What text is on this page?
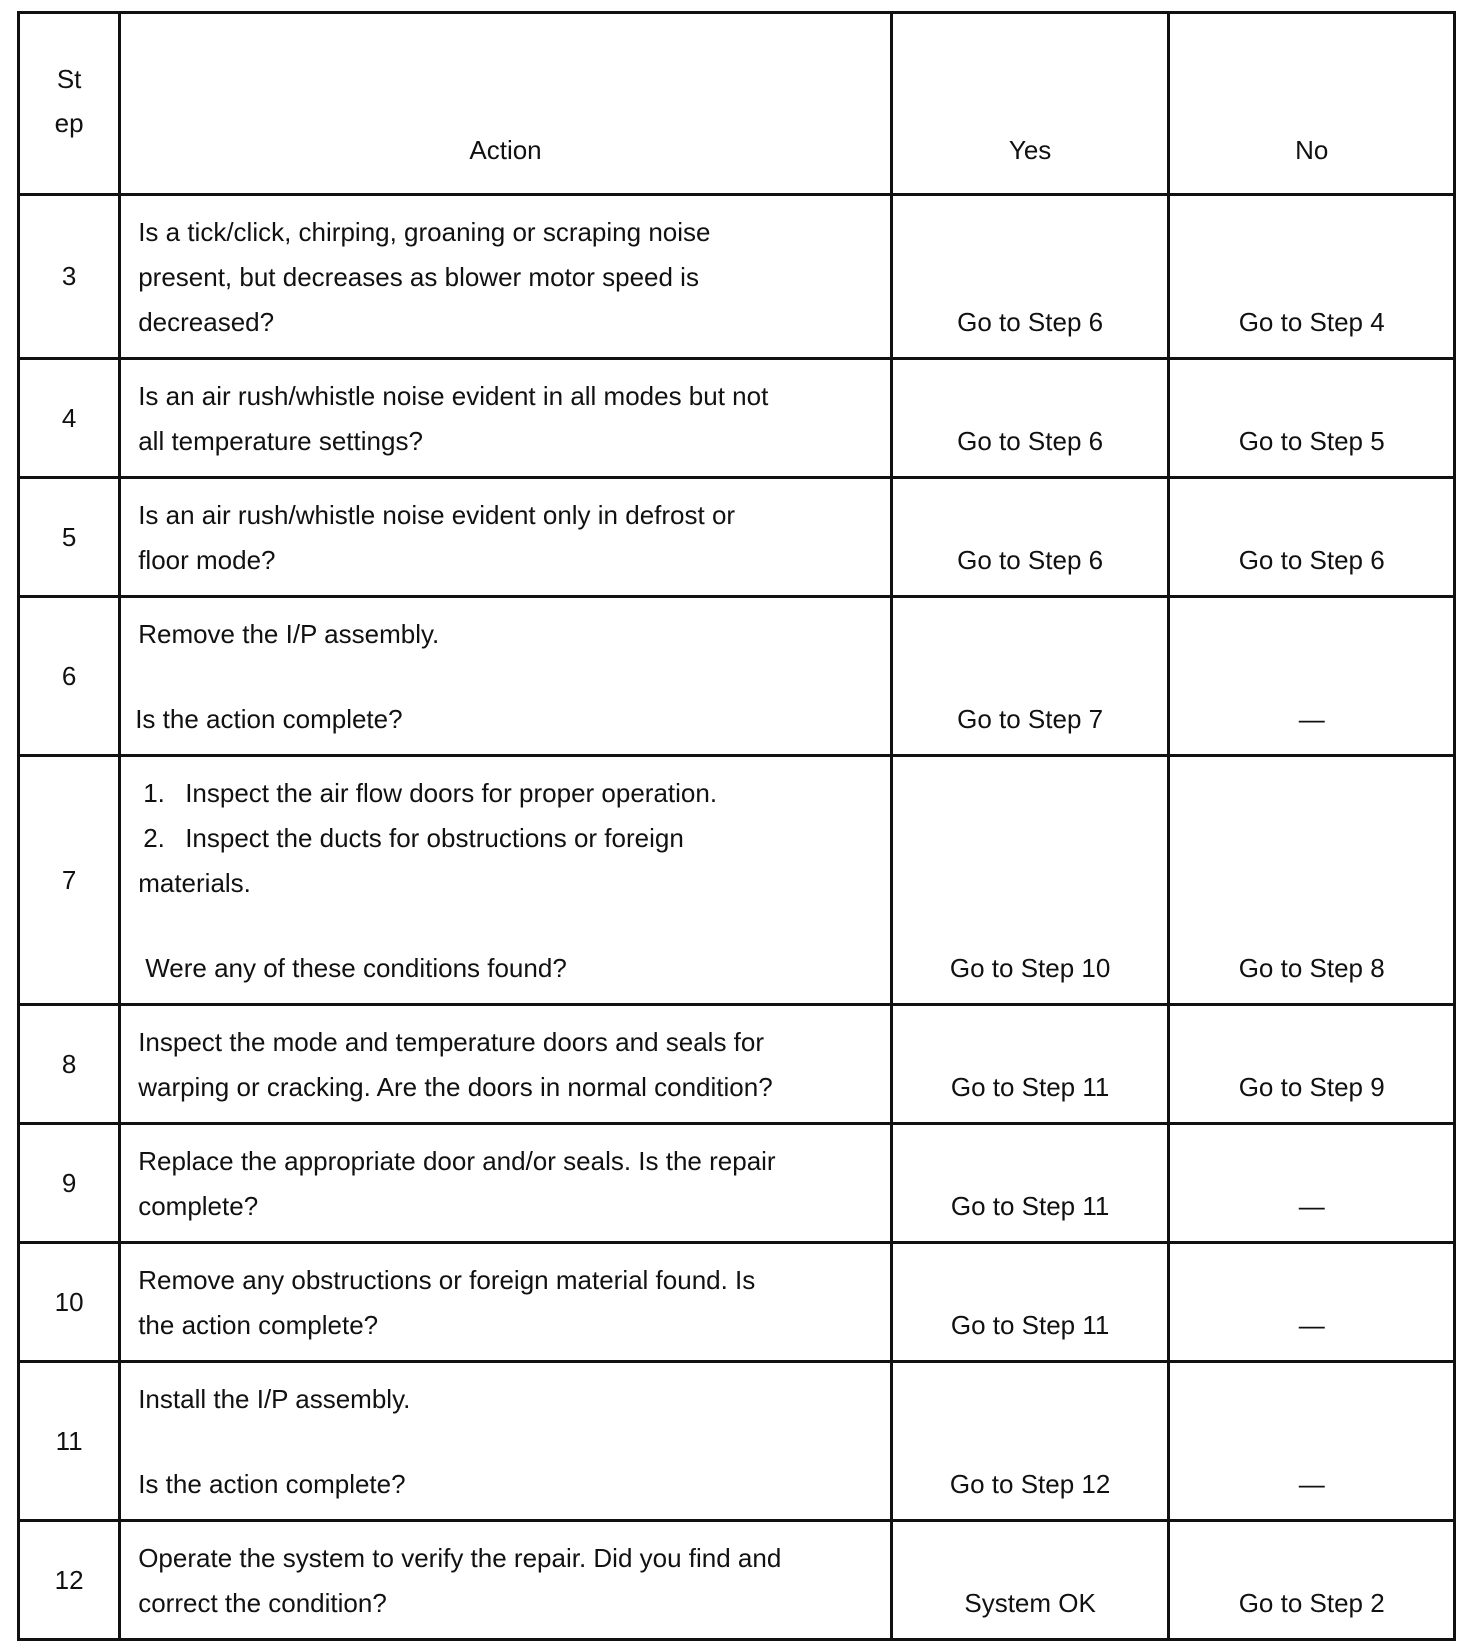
St
ep	Action	Yes	No
3	Is a tick/click, chirping, groaning or scraping noise
present, but decreases as blower motor speed is
decreased?	Go to Step 6	Go to Step 4
4	Is an air rush/whistle noise evident in all modes but not
all temperature settings?	Go to Step 6	Go to Step 5
5	Is an air rush/whistle noise evident only in defrost or
floor mode?	Go to Step 6	Go to Step 6
6	Remove the I/P assembly.
Is the action complete?	Go to Step 7	—
7	1. Inspect the air flow doors for proper operation.
2. Inspect the ducts for obstructions or foreign
materials.
Were any of these conditions found?	Go to Step 10	Go to Step 8
8	Inspect the mode and temperature doors and seals for
warping or cracking. Are the doors in normal condition?	Go to Step 11	Go to Step 9
9	Replace the appropriate door and/or seals. Is the repair
complete?	Go to Step 11	—
10	Remove any obstructions or foreign material found. Is
the action complete?	Go to Step 11	—
11	Install the I/P assembly.
Is the action complete?	Go to Step 12	—
12	Operate the system to verify the repair. Did you find and
correct the condition?	System OK	Go to Step 2
